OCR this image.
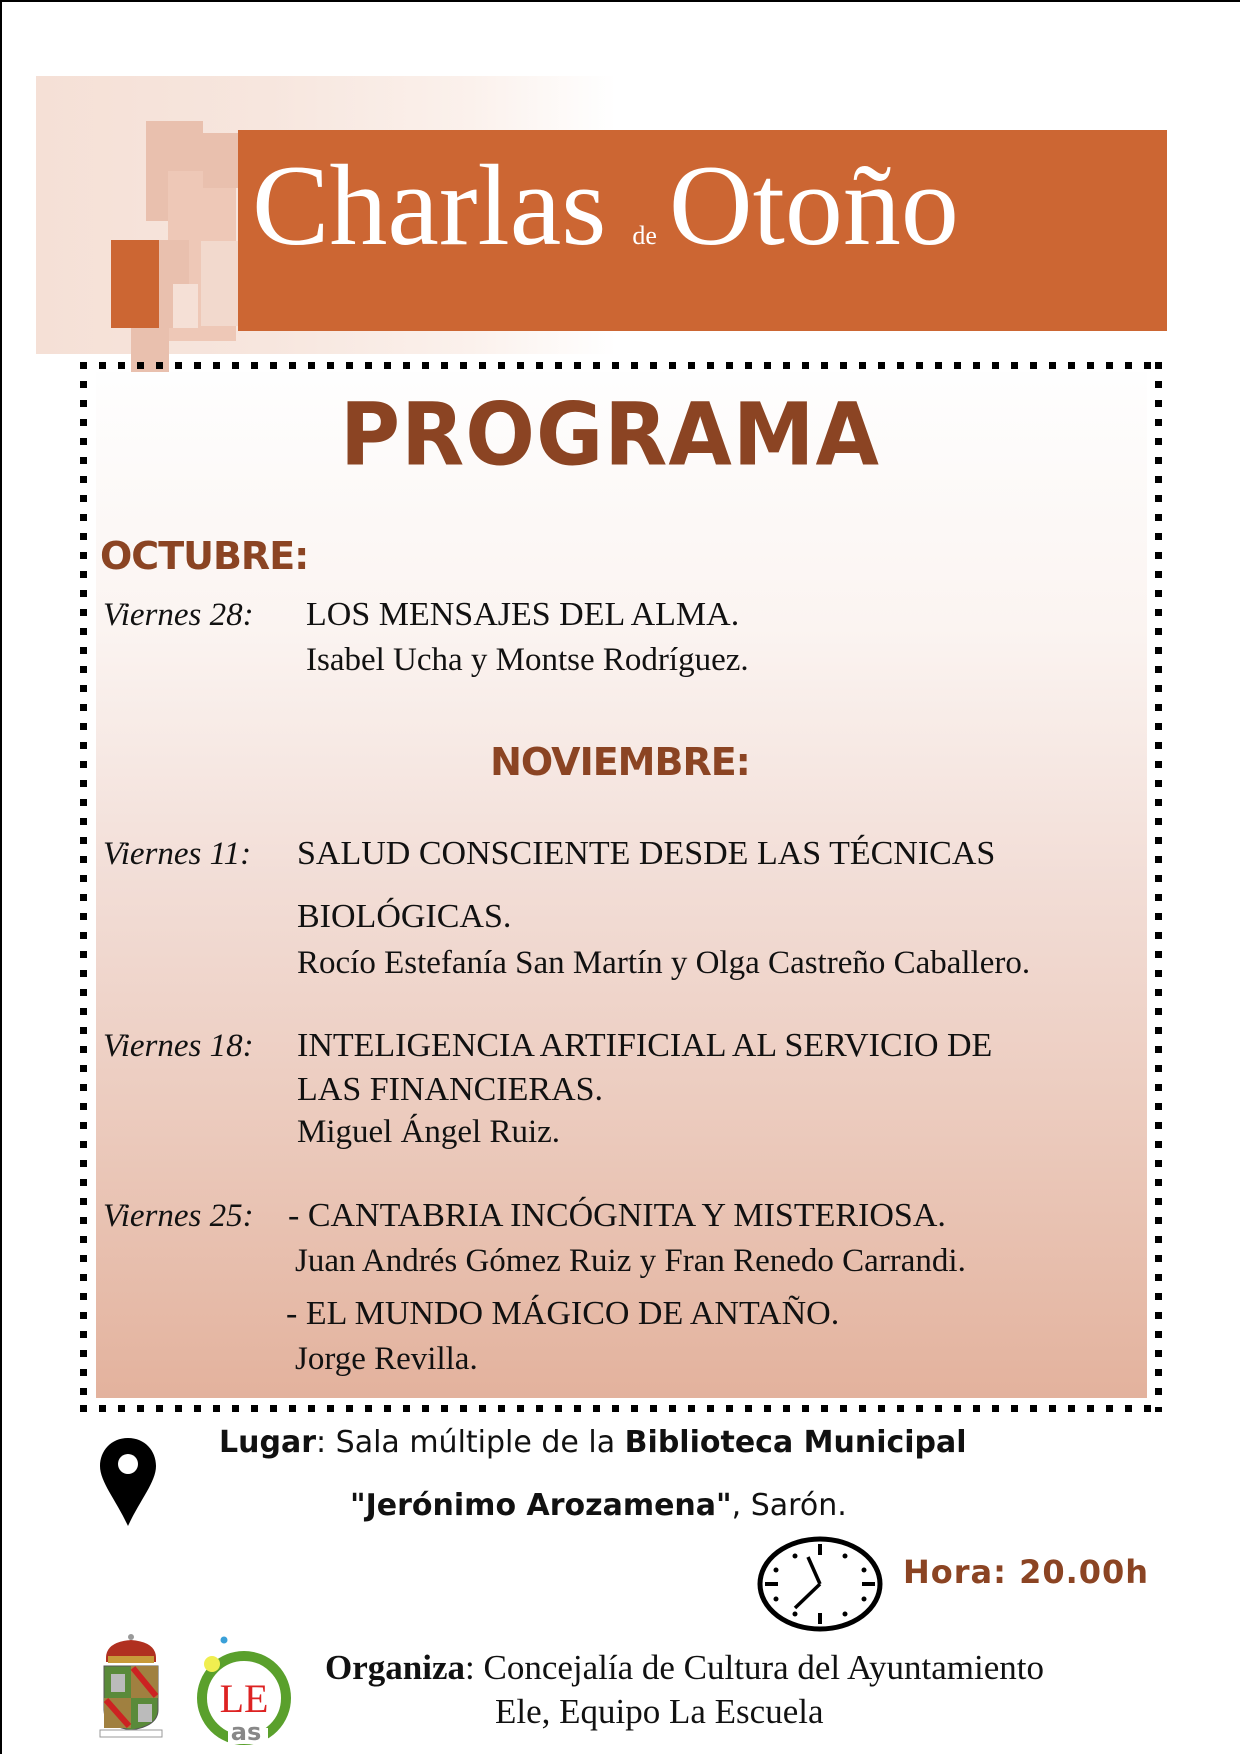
Charlas de Otoño
PROGRAMA
OCTUBRE:
Viernes 28: LOS MENSAJES DEL ALMA.
Isabel Ucha y Montse Rodríguez.
NOVIEMBRE:
Viernes 11: SALUD CONSCIENTE DESDE LAS TÉCNICAS
BIOLÓGICAS.
Rocío Estefanía San Martín y Olga Castreño Caballero.
Viernes 18: INTELIGENCIA ARTIFICIAL AL SERVICIO DE
LAS FINANCIERAS.
Miguel Ángel Ruiz.
Viernes 25: - CANTABRIA INCÓGNITA Y MISTERIOSA.
Juan Andrés Gómez Ruiz y Fran Renedo Carrandi.
- EL MUNDO MÁGICO DE ANTAÑO.
Jorge Revilla.
Lugar: Sala múltiple de la Biblioteca Municipal
"Jerónimo Arozamena", Sarón.
Hora: 20.00h
LE
as
Organiza: Concejalía de Cultura del Ayuntamiento
Ele, Equipo La Escuela
